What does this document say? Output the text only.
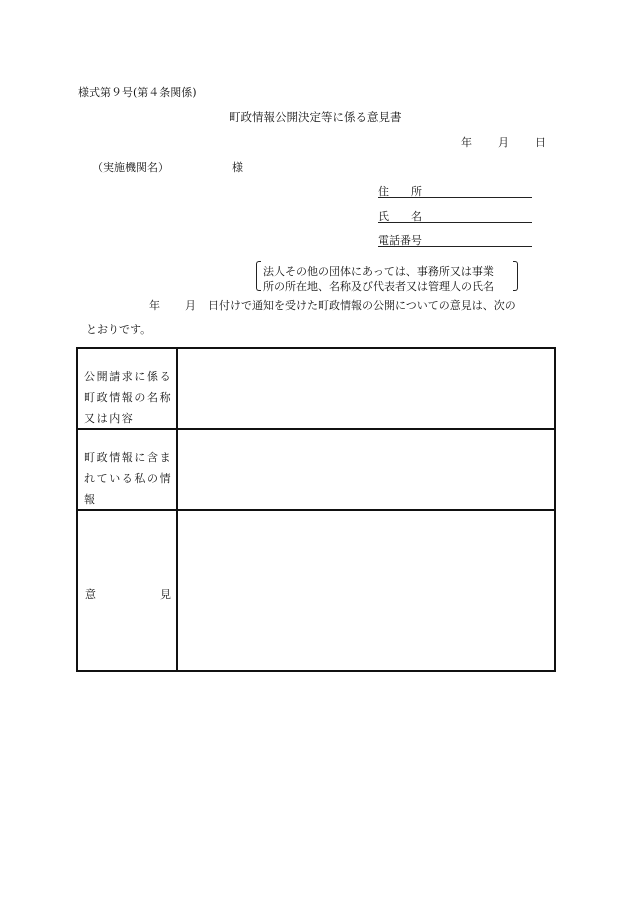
様式第９号(第４条関係)
町政情報公開決定等に係る意見書
年 月 日
（実施機関名）	様
住　　所
氏　　名
電話番号
法人その他の団体にあっては、事務所又は事業
所の所在地、名称及び代表者又は管理人の氏名
年 月 日付けで通知を受けた町政情報の公開についての意見は、次の
とおりです。
公開請求に係る町政情報の名称又は内容
町政情報に含まれている私の情報
意	見
